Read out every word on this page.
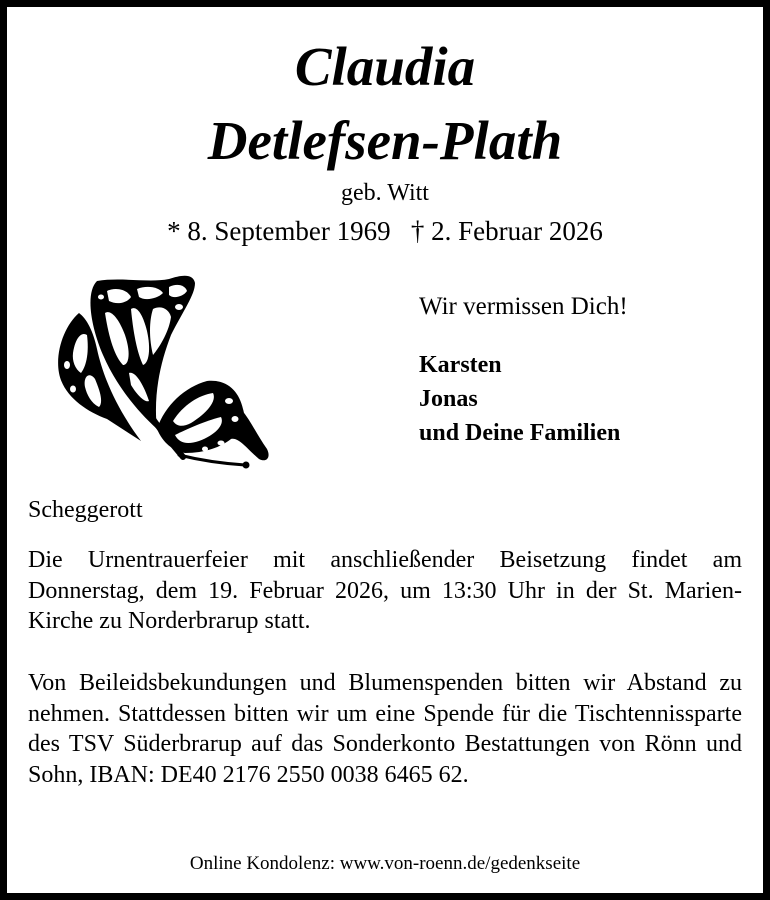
Claudia
Detlefsen-Plath
geb. Witt
* 8. September 1969   † 2. Februar 2026
Wir vermissen Dich!
Karsten
Jonas
und Deine Familien
Scheggerott
Die Urnentrauerfeier mit anschließender Beisetzung findet am Donnerstag, dem 19. Februar 2026, um 13:30 Uhr in der St. Marien-Kirche zu Norderbrarup statt.
Von Beileidsbekundungen und Blumenspenden bitten wir Abstand zu nehmen. Stattdessen bitten wir um eine Spende für die Tischtennissparte des TSV Süderbrarup auf das Sonderkonto Bestattungen von Rönn und Sohn, IBAN: DE40 2176 2550 0038 6465 62.
Online Kondolenz: www.von-roenn.de/gedenkseite
